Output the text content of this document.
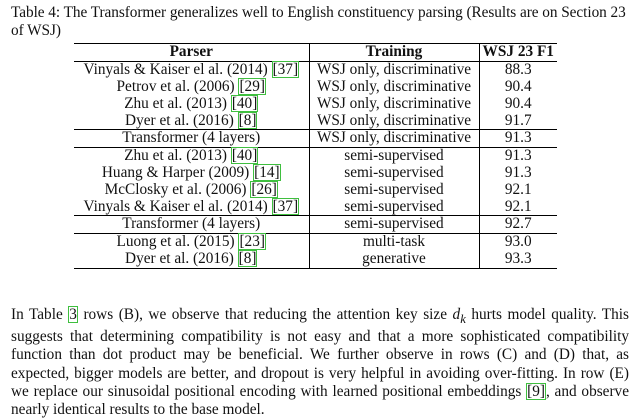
Table 4: The Transformer generalizes well to English constituency parsing (Results are on Section 23 of WSJ)
Parser	Training	WSJ 23 F1
Vinyals & Kaiser el al. (2014) [37]	WSJ only, discriminative	88.3
Petrov et al. (2006) [29]	WSJ only, discriminative	90.4
Zhu et al. (2013) [40]	WSJ only, discriminative	90.4
Dyer et al. (2016) [8]	WSJ only, discriminative	91.7
Transformer (4 layers)	WSJ only, discriminative	91.3
Zhu et al. (2013) [40]	semi-supervised	91.3
Huang & Harper (2009) [14]	semi-supervised	91.3
McClosky et al. (2006) [26]	semi-supervised	92.1
Vinyals & Kaiser el al. (2014) [37]	semi-supervised	92.1
Transformer (4 layers)	semi-supervised	92.7
Luong et al. (2015) [23]	multi-task	93.0
Dyer et al. (2016) [8]	generative	93.3
In Table 3 rows (B), we observe that reducing the attention key size $d_k$ hurts model quality. This suggests that determining compatibility is not easy and that a more sophisticated compatibility function than dot product may be beneficial. We further observe in rows (C) and (D) that, as expected, bigger models are better, and dropout is very helpful in avoiding over-fitting. In row (E) we replace our sinusoidal positional encoding with learned positional embeddings [9], and observe nearly identical results to the base model.
